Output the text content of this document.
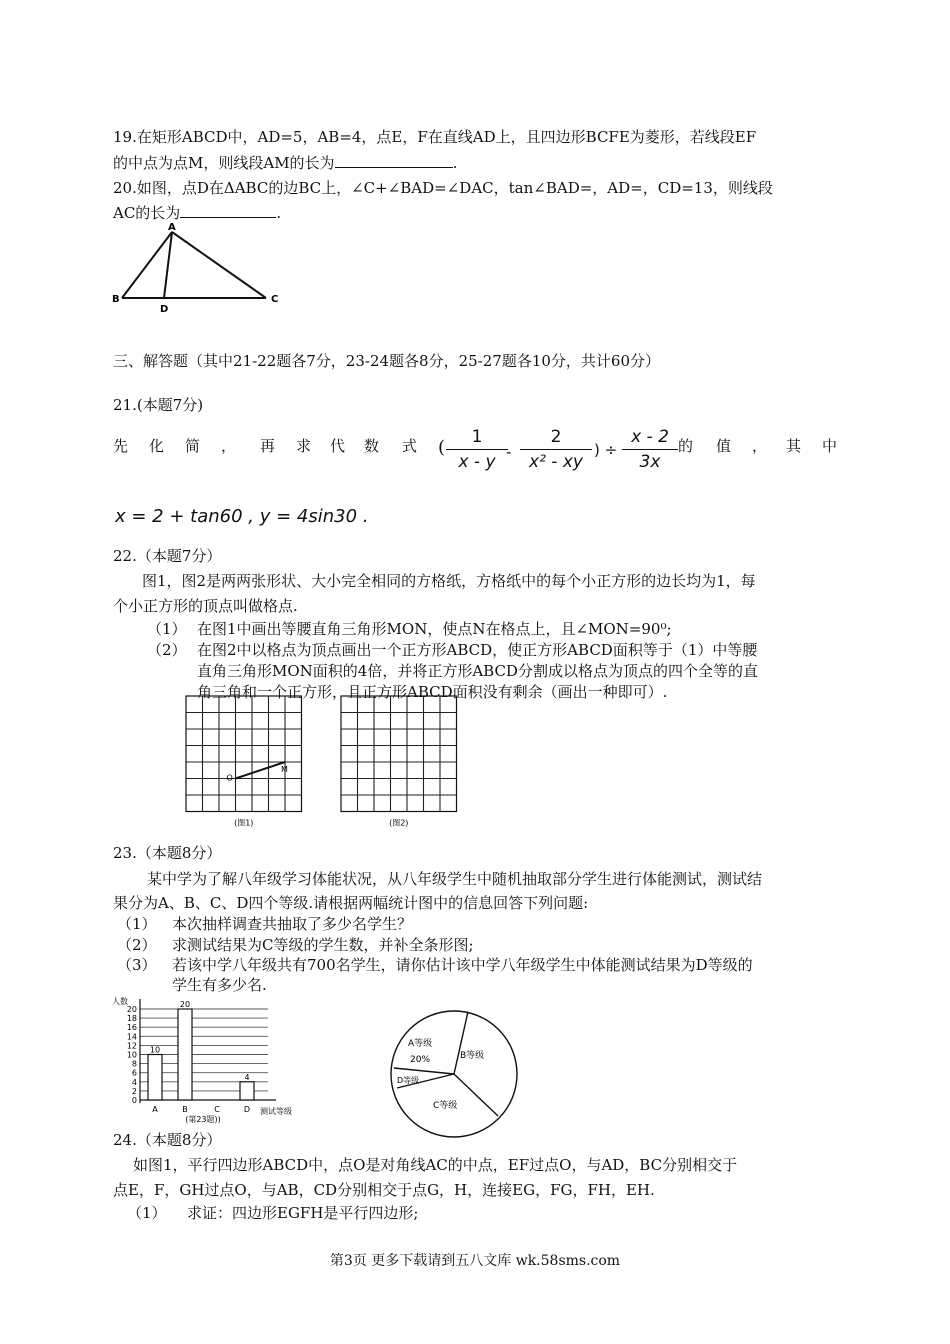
19.在矩形ABCD中，AD=5，AB=4，点E，F在直线AD上，且四边形BCFE为菱形，若线段EF
的中点为点M，则线段AM的长为	.
20.如图，点D在ΔABC的边BC上，∠C+∠BAD=∠DAC，tan∠BAD=，AD=，CD=13，则线段
AC的长为	.
A
B
D
C
三、解答题（其中21-22题各7分，23-24题各8分，25-27题各10分，共计60分）
21.(本题7分)
先 化 简 ， 再 求 代 数 式	的 值 ， 其 中
( $\frac{1}{x - y}$
- $\frac{2}{\text{x² - xy}}$ ) ÷ $\frac{x - 2}{3x}$
x = 2 + tan60 , y = 4sin30 .
22.（本题7分）
图1，图2是两两张形状、大小完全相同的方格纸，方格纸中的每个小正方形的边长均为1，每
个小正方形的顶点叫做格点.
（1） 在图1中画出等腰直角三角形MON，使点N在格点上，且∠MON=90⁰;
（2） 在图2中以格点为顶点画出一个正方形ABCD，使正方形ABCD面积等于（1）中等腰
直角三角形MON面积的4倍，并将正方形ABCD分割成以格点为顶点的四个全等的直
角三角和一个正方形，且正方形ABCD面积没有剩余（画出一种即可）.
(图1)
O
M
(图2)
23.（本题8分）
某中学为了解八年级学习体能状况，从八年级学生中随机抽取部分学生进行体能测试，测试结
果分为A、B、C、D四个等级.请根据两幅统计图中的信息回答下列问题:
（1） 本次抽样调查共抽取了多少名学生？
（2） 求测试结果为C等级的学生数，并补全条形图;
（3） 若该中学八年级共有700名学生，请你估计该中学八年级学生中体能测试结果为D等级的
学生有多少名.
0
2
4
6
8
10
12
14
16
18
20
人数
测试等级
10
A
20
B	C
4
D
(第23题))
A等级
20%	B等级
C等级
D等级
24.（本题8分）
如图1，平行四边形ABCD中，点O是对角线AC的中点，EF过点O，与AD，BC分别相交于
点E，F，GH过点O，与AB，CD分别相交于点G，H，连接EG，FG，FH，EH.
（1） 求证：四边形EGFH是平行四边形;
第3页 更多下载请到五八文库 wk.58sms.com
